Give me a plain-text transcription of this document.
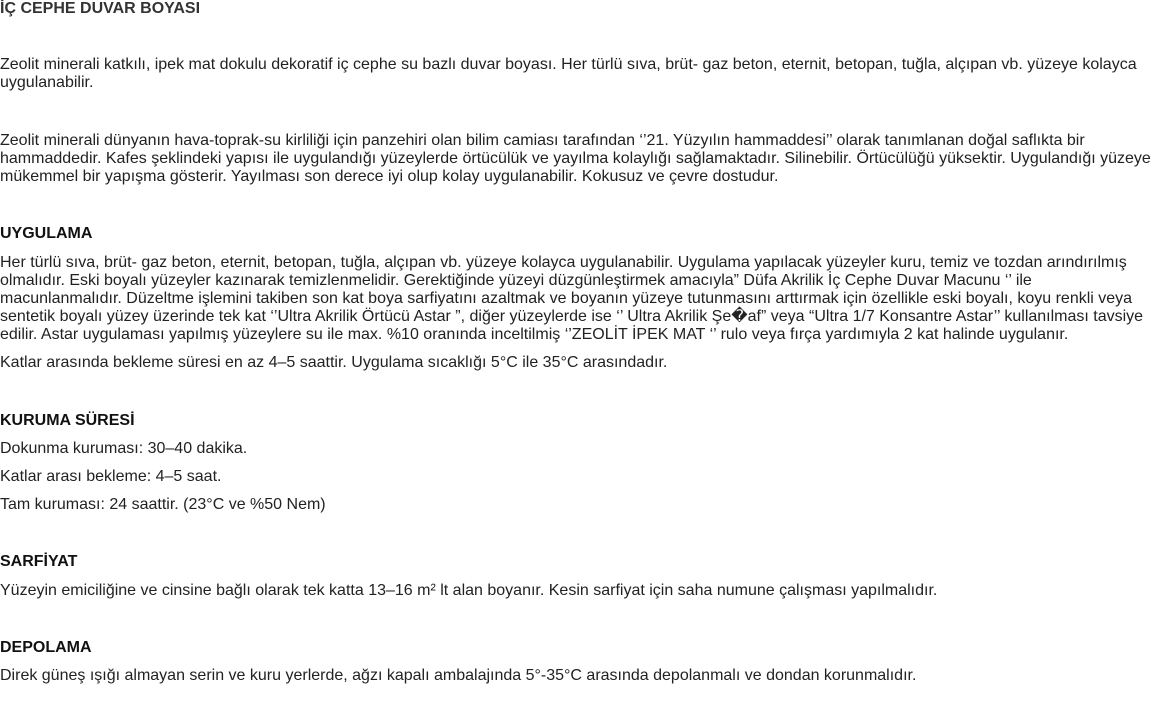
İÇ CEPHE DUVAR BOYASI

Zeolit minerali katkılı, ipek mat dokulu dekoratif iç cephe su bazlı duvar boyası. Her türlü sıva, brüt- gaz beton, eternit, betopan, tuğla, alçıpan vb. yüzeye kolayca uygulanabilir.

Zeolit minerali dünyanın hava-toprak-su kirliliği için panzehiri olan bilim camiası tarafından ‘’21. Yüzyılın hammaddesi’’ olarak tanımlanan doğal saflıkta bir hammaddedir. Kafes şeklindeki yapısı ile uygulandığı yüzeylerde örtücülük ve yayılma kolaylığı sağlamaktadır. Silinebilir. Örtücülüğü yüksektir. Uygulandığı yüzeye mükemmel bir yapışma gösterir. Yayılması son derece iyi olup kolay uygulanabilir. Kokusuz ve çevre dostudur.

UYGULAMA

Her türlü sıva, brüt- gaz beton, eternit, betopan, tuğla, alçıpan vb. yüzeye kolayca uygulanabilir. Uygulama yapılacak yüzeyler kuru, temiz ve tozdan arındırılmış olmalıdır. Eski boyalı yüzeyler kazınarak temizlenmelidir. Gerektiğinde yüzeyi düzgünleştirmek amacıyla” Düfa Akrilik İç Cephe Duvar Macunu ‘’ ile macunlanmalıdır. Düzeltme işlemini takiben son kat boya sarfiyatını azaltmak ve boyanın yüzeye tutunmasını arttırmak için özellikle eski boyalı, koyu renkli veya sentetik boyalı yüzey üzerinde tek kat ‘’Ultra Akrilik Örtücü Astar ”, diğer yüzeylerde ise ‘’ Ultra Akrilik Şe�af” veya “Ultra 1/7 Konsantre Astar’’ kullanılması tavsiye edilir. Astar uygulaması yapılmış yüzeylere su ile max. %10 oranında inceltilmiş ‘’ZEOLİT İPEK MAT ‘’ rulo veya fırça yardımıyla 2 kat halinde uygulanır.

Katlar arasında bekleme süresi en az 4–5 saattir. Uygulama sıcaklığı 5°C ile 35°C arasındadır.

KURUMA SÜRESİ

Dokunma kuruması: 30–40 dakika.

Katlar arası bekleme: 4–5 saat.

Tam kuruması: 24 saattir. (23°C ve %50 Nem)

SARFİYAT

Yüzeyin emiciliğine ve cinsine bağlı olarak tek katta 13–16 m² lt alan boyanır. Kesin sarfiyat için saha numune çalışması yapılmalıdır.

DEPOLAMA

Direk güneş ışığı almayan serin ve kuru yerlerde, ağzı kapalı ambalajında 5°-35°C arasında depolanmalı ve dondan korunmalıdır.
